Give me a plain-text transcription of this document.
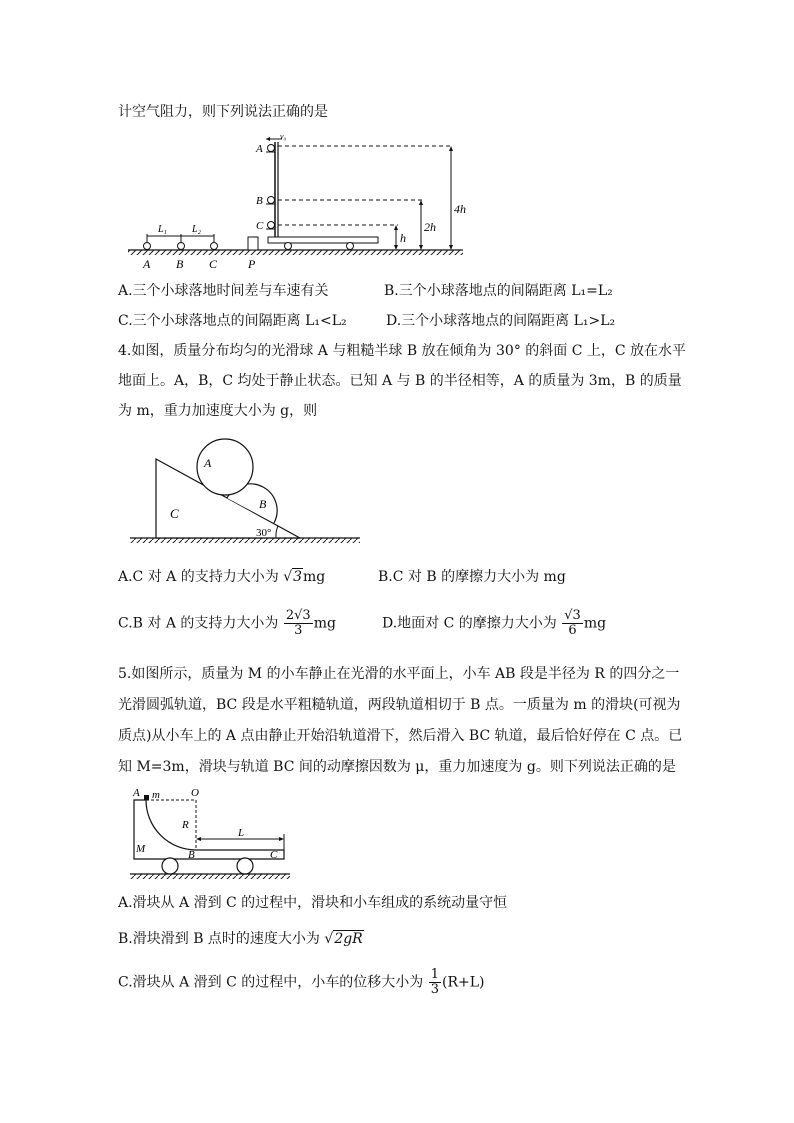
计空气阻力，则下列说法正确的是
A B C
L₁ L₂
P
A
B
C
v₀
h
2h
4h
A.三个小球落地时间差与车速有关	B.三个小球落地点的间隔距离 L₁=L₂
C.三个小球落地点的间隔距离 L₁<L₂	D.三个小球落地点的间隔距离 L₁>L₂
4.如图，质量分布均匀的光滑球 A 与粗糙半球 B 放在倾角为 30° 的斜面 C 上，C 放在水平
地面上。A，B，C 均处于静止状态。已知 A 与 B 的半径相等，A 的质量为 3m，B 的质量
为 m，重力加速度大小为 g，则
C
B
A
30°
A.C 对 A 的支持力大小为 √3mg	B.C 对 B 的摩擦力大小为 mg
C.B 对 A 的支持力大小为 $\frac{2√3}{3}$ mg	D.地面对 C 的摩擦力大小为 $\frac{√3}{6}$ mg
5.如图所示，质量为 M 的小车静止在光滑的水平面上，小车 AB 段是半径为 R 的四分之一
光滑圆弧轨道，BC 段是水平粗糙轨道，两段轨道相切于 B 点。一质量为 m 的滑块(可视为
质点)从小车上的 A 点由静止开始沿轨道滑下，然后滑入 BC 轨道，最后恰好停在 C 点。已
知 M=3m，滑块与轨道 BC 间的动摩擦因数为 μ，重力加速度为 g。则下列说法正确的是
A m	O
R
M	B	C
L
A.滑块从 A 滑到 C 的过程中，滑块和小车组成的系统动量守恒
B.滑块滑到 B 点时的速度大小为 √2gR
C.滑块从 A 滑到 C 的过程中，小车的位移大小为 $\frac{1}{3} (R+L)$
